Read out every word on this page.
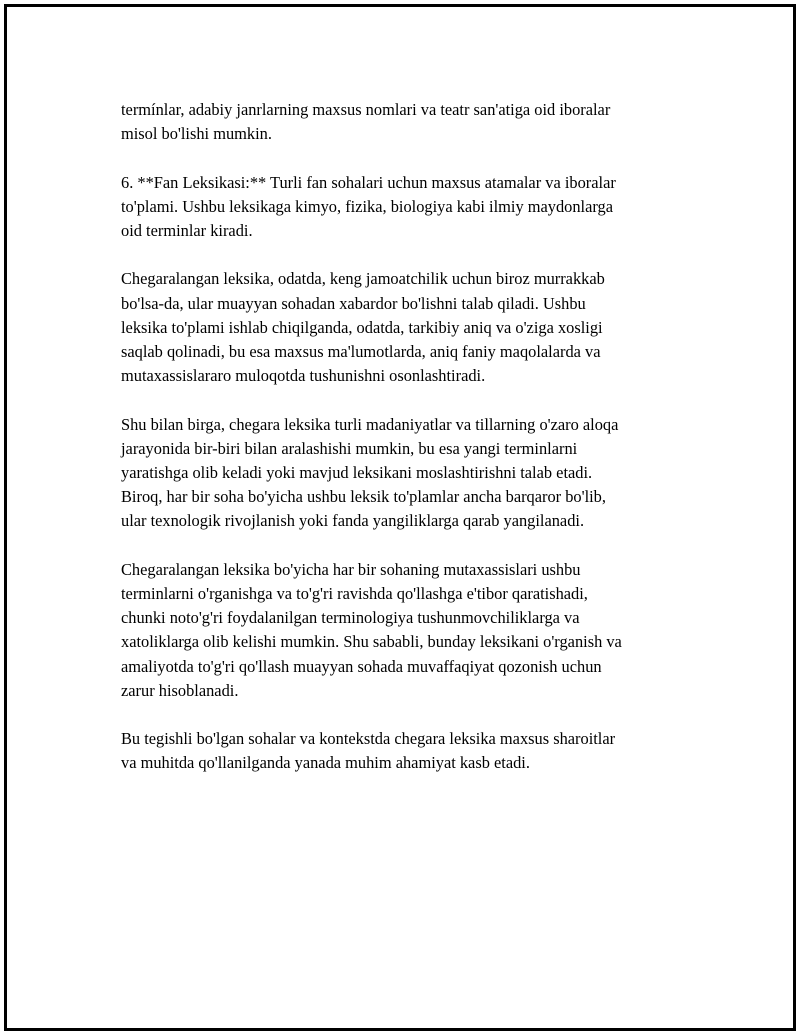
termínlar, adabiy janrlarning maxsus nomlari va teatr san'atiga oid iboralar
misol bo'lishi mumkin.

6. **Fan Leksikasi:** Turli fan sohalari uchun maxsus atamalar va iboralar
to'plami. Ushbu leksikaga kimyo, fizika, biologiya kabi ilmiy maydonlarga
oid terminlar kiradi.

Chegaralangan leksika, odatda, keng jamoatchilik uchun biroz murrakkab
bo'lsa-da, ular muayyan sohadan xabardor bo'lishni talab qiladi. Ushbu
leksika to'plami ishlab chiqilganda, odatda, tarkibiy aniq va o'ziga xosligi
saqlab qolinadi, bu esa maxsus ma'lumotlarda, aniq faniy maqolalarda va
mutaxassislararo muloqotda tushunishni osonlashtiradi.

Shu bilan birga, chegara leksika turli madaniyatlar va tillarning o'zaro aloqa
jarayonida bir-biri bilan aralashishi mumkin, bu esa yangi terminlarni
yaratishga olib keladi yoki mavjud leksikani moslashtirishni talab etadi.
Biroq, har bir soha bo'yicha ushbu leksik to'plamlar ancha barqaror bo'lib,
ular texnologik rivojlanish yoki fanda yangiliklarga qarab yangilanadi.

Chegaralangan leksika bo'yicha har bir sohaning mutaxassislari ushbu
terminlarni o'rganishga va to'g'ri ravishda qo'llashga e'tibor qaratishadi,
chunki noto'g'ri foydalanilgan terminologiya tushunmovchiliklarga va
xatoliklarga olib kelishi mumkin. Shu sababli, bunday leksikani o'rganish va
amaliyotda to'g'ri qo'llash muayyan sohada muvaffaqiyat qozonish uchun
zarur hisoblanadi.

Bu tegishli bo'lgan sohalar va kontekstda chegara leksika maxsus sharoitlar
va muhitda qo'llanilganda yanada muhim ahamiyat kasb etadi.
